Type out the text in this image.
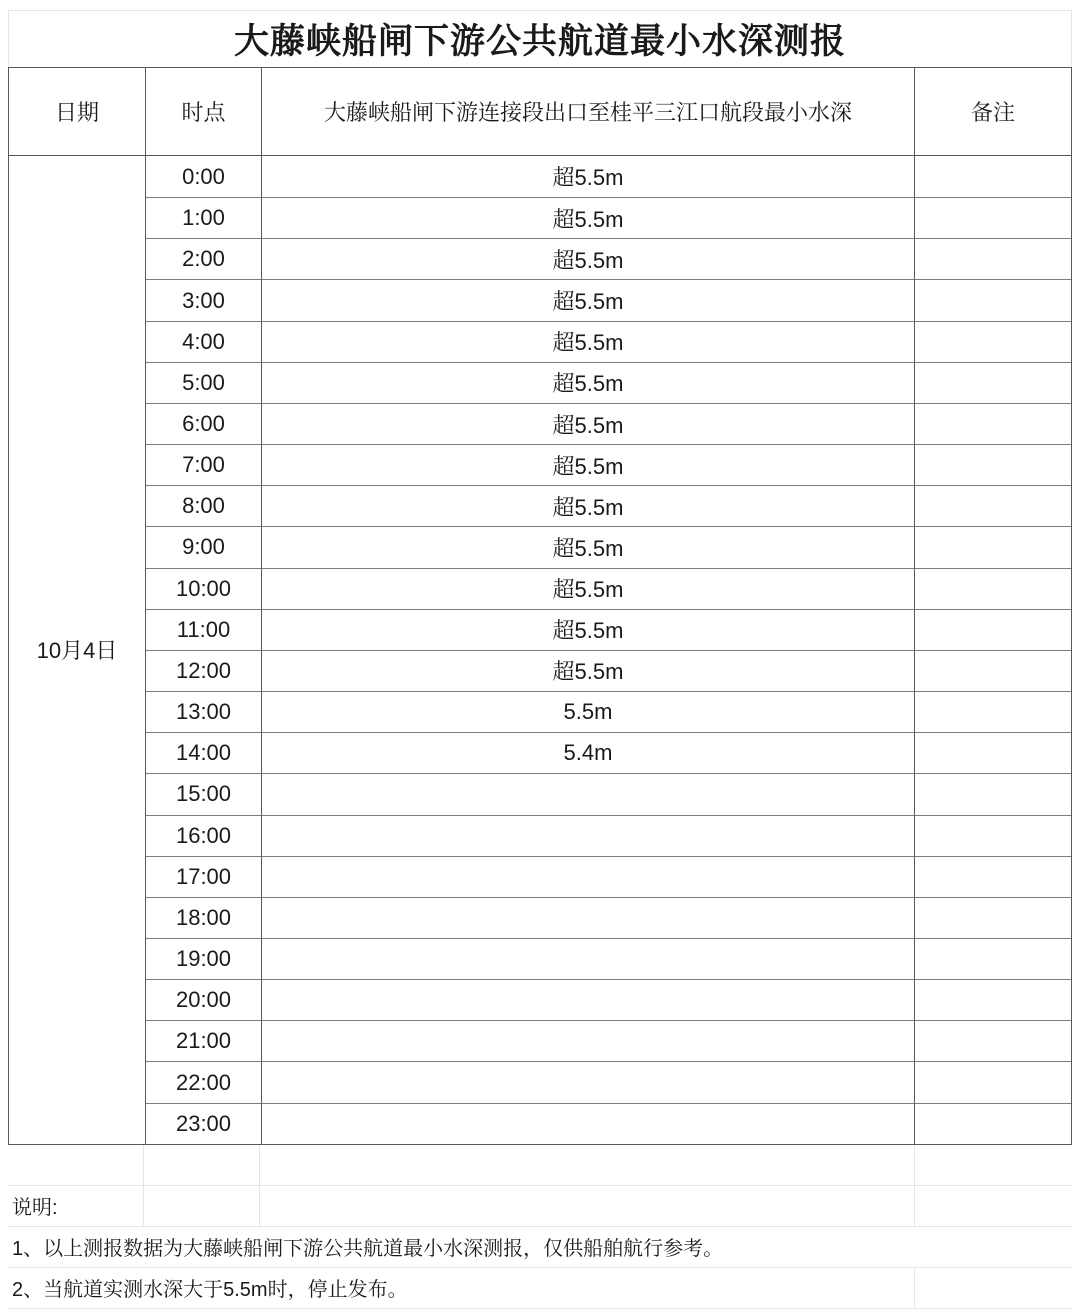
大藤峡船闸下游公共航道最小水深测报
日期	时点	大藤峡船闸下游连接段出口至桂平三江口航段最小水深	备注
10月4日
0:00	超5.5m
1:00	超5.5m
2:00	超5.5m
3:00	超5.5m
4:00	超5.5m
5:00	超5.5m
6:00	超5.5m
7:00	超5.5m
8:00	超5.5m
9:00	超5.5m
10:00	超5.5m
11:00	超5.5m
12:00	超5.5m
13:00	5.5m
14:00	5.4m
15:00
16:00
17:00
18:00
19:00
20:00
21:00
22:00
23:00
说明:
1、以上测报数据为大藤峡船闸下游公共航道最小水深测报，仅供船舶航行参考。
2、当航道实测水深大于5.5m时，停止发布。
